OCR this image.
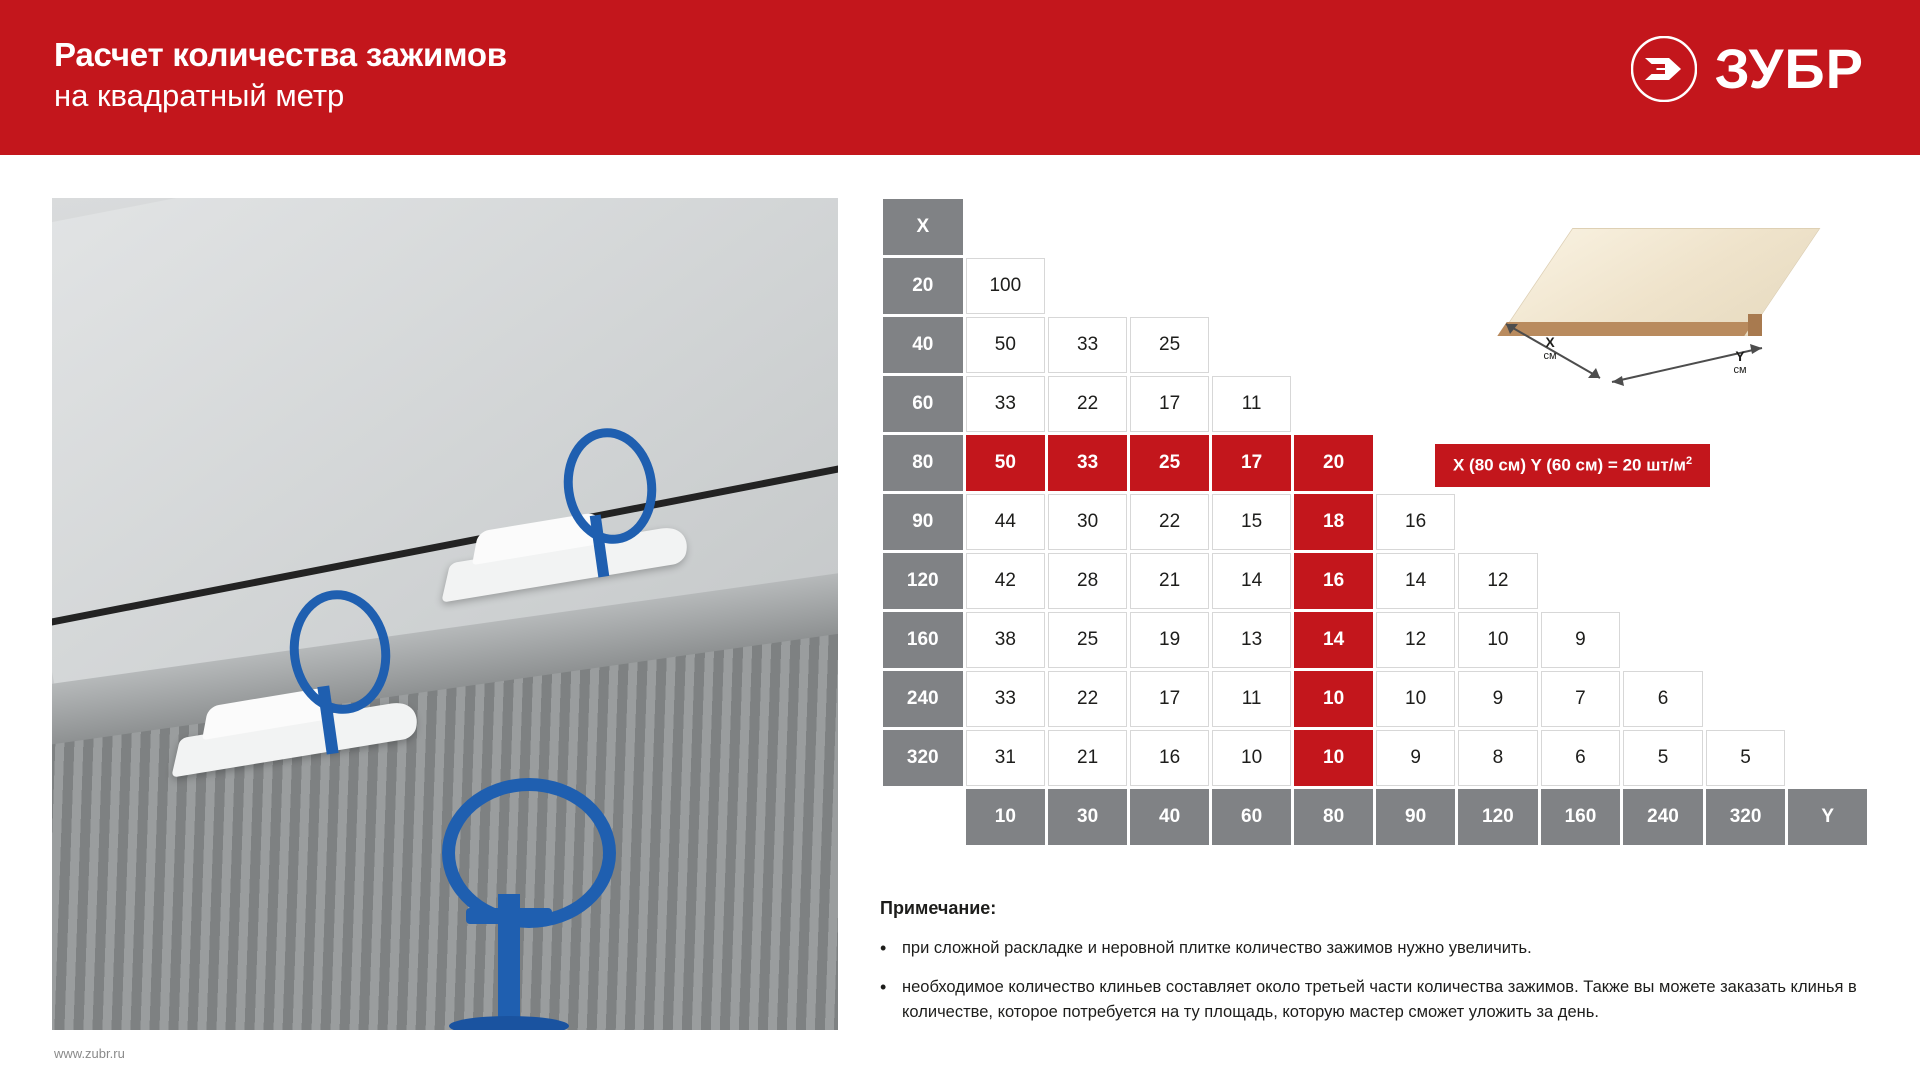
Расчет количества зажимов
на квадратный метр	ЗУБР
www.zubr.ru
X
см	Y
см
X (80 см) Y (60 см) = 20 $шт/м^2$
X											
20	100										
40	50	33	25								
60	33	22	17	11							
80	50	33	25	17	20						
90	44	30	22	15	18	16					
120	42	28	21	14	16	14	12				
160	38	25	19	13	14	12	10	9			
240	33	22	17	11	10	10	9	7	6		
320	31	21	16	10	10	9	8	6	5	5	
	10	30	40	60	80	90	120	160	240	320	Y
Примечание:
• при сложной раскладке и неровной плитке количество зажимов нужно увеличить.
• необходимое количество клиньев составляет около третьей части количества зажимов. Также вы можете заказать клинья в количестве, которое потребуется на ту площадь, которую мастер сможет уложить за день.
